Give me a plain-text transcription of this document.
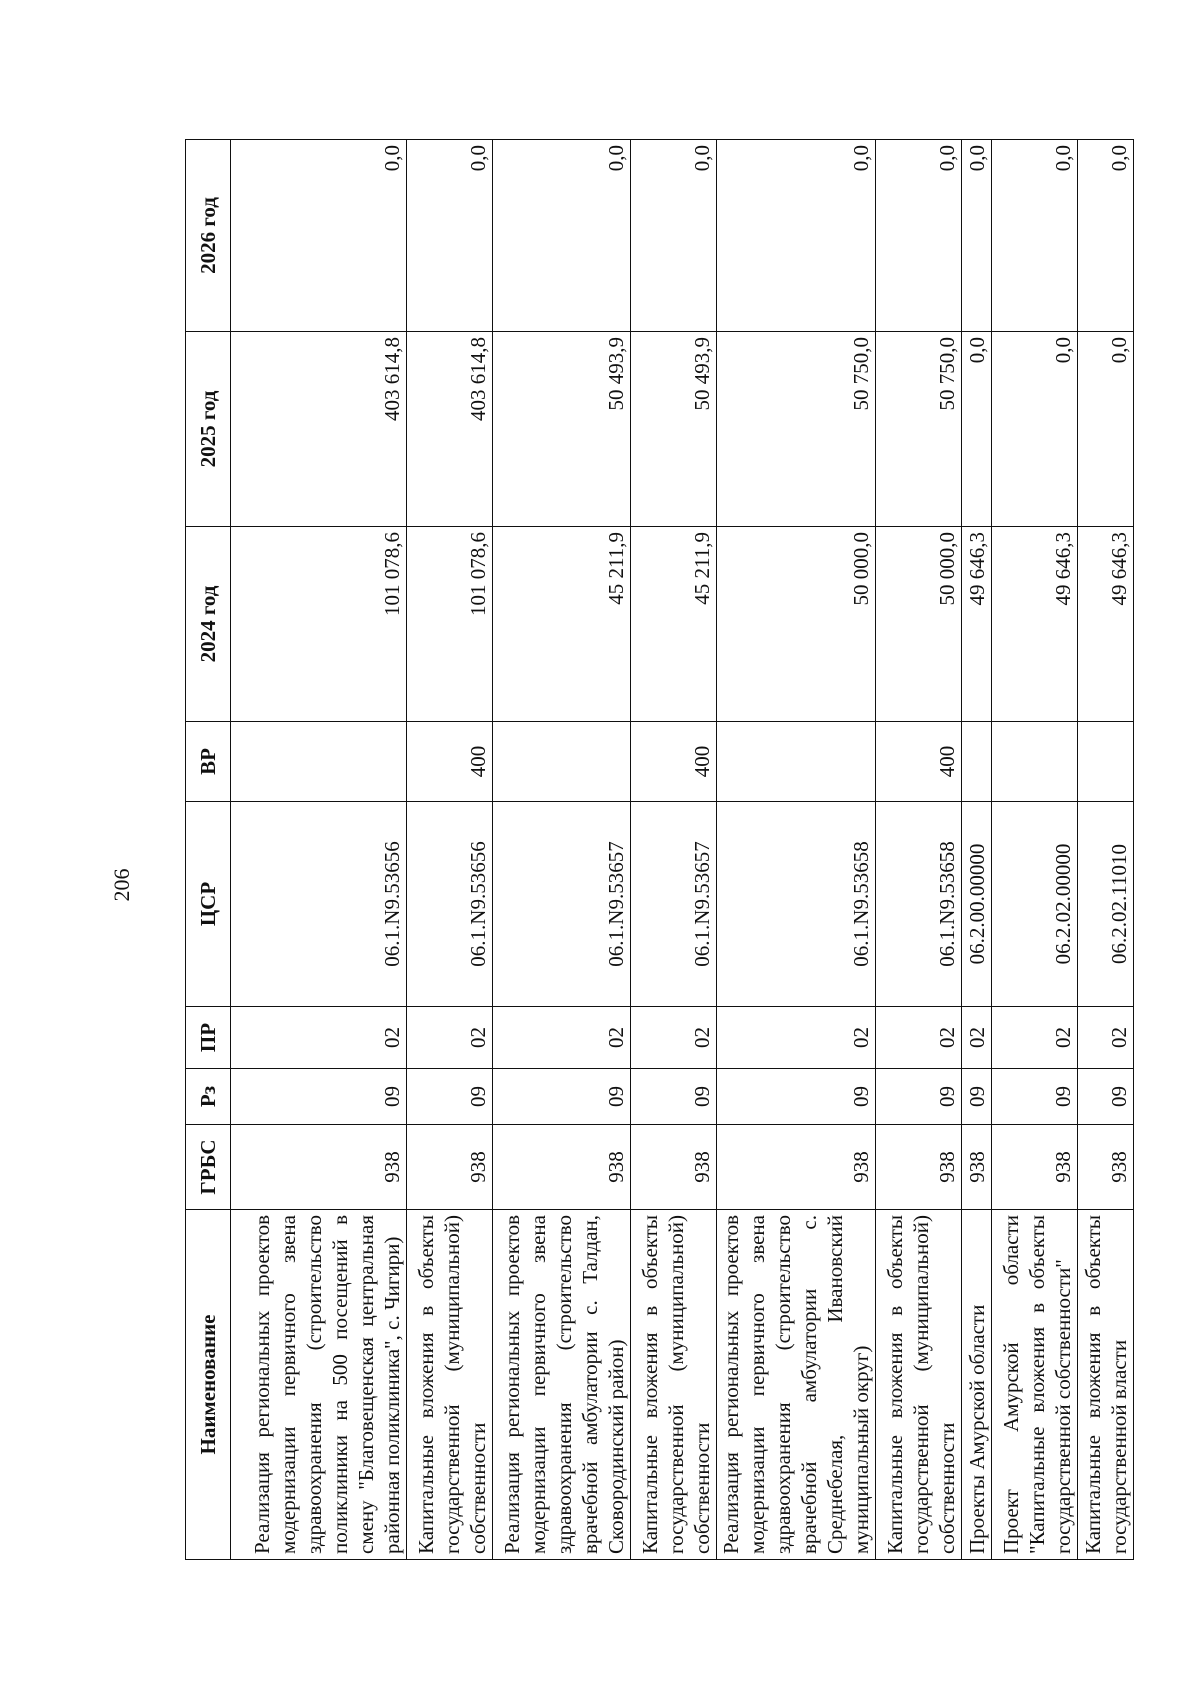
206
Наименование	ГРБС	Рз	ПР	ЦСР	ВР	2024 год	2025 год	2026 год
Реализация региональных проектов модернизации первичного звена здравоохранения (строительство поликлиники на 500 посещений в смену "Благовещенская центральная районная поликлиника", с. Чигири)	938	09	02	06.1.N9.53656		101 078,6	403 614,8	0,0
Капитальные вложения в объекты государственной (муниципальной) собственности	938	09	02	06.1.N9.53656	400	101 078,6	403 614,8	0,0
Реализация региональных проектов модернизации первичного звена здравоохранения (строительство врачебной амбулатории с. Талдан, Сковородинский район)	938	09	02	06.1.N9.53657		45 211,9	50 493,9	0,0
Капитальные вложения в объекты государственной (муниципальной) собственности	938	09	02	06.1.N9.53657	400	45 211,9	50 493,9	0,0
Реализация региональных проектов модернизации первичного звена здравоохранения (строительство врачебной амбулатории с. Среднебелая, Ивановский муниципальный округ)	938	09	02	06.1.N9.53658		50 000,0	50 750,0	0,0
Капитальные вложения в объекты государственной (муниципальной) собственности	938	09	02	06.1.N9.53658	400	50 000,0	50 750,0	0,0
Проекты Амурской области	938	09	02	06.2.00.00000		49 646,3	0,0	0,0
Проект Амурской области "Капитальные вложения в объекты государственной собственности"	938	09	02	06.2.02.00000		49 646,3	0,0	0,0
Капитальные вложения в объекты государственной власти	938	09	02	06.2.02.11010		49 646,3	0,0	0,0
